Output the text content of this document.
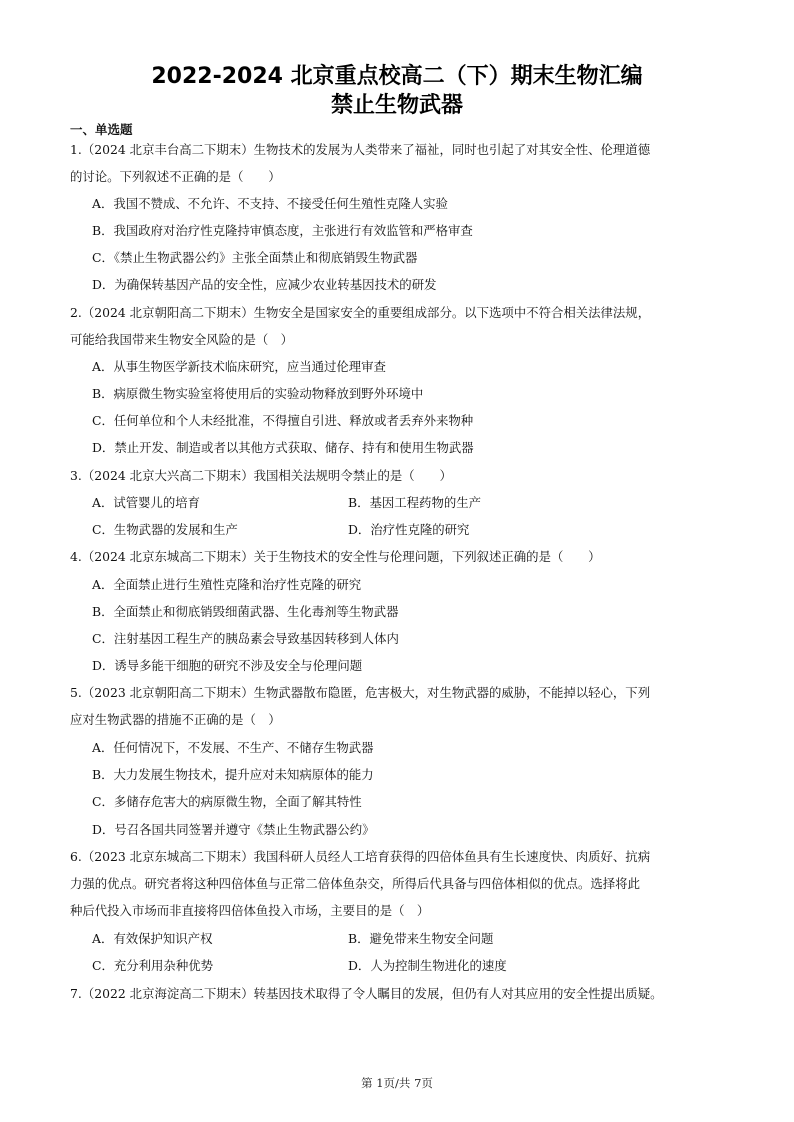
2022-2024 北京重点校高二（下）期末生物汇编
禁止生物武器
一、单选题
1.（2024 北京丰台高二下期末）生物技术的发展为人类带来了福祉，同时也引起了对其安全性、伦理道德
的讨论。下列叙述不正确的是（　　）
A．我国不赞成、不允许、不支持、不接受任何生殖性克隆人实验
B．我国政府对治疗性克隆持审慎态度，主张进行有效监管和严格审查
C．《禁止生物武器公约》主张全面禁止和彻底销毁生物武器
D．为确保转基因产品的安全性，应减少农业转基因技术的研发
2.（2024 北京朝阳高二下期末）生物安全是国家安全的重要组成部分。以下选项中不符合相关法律法规，
可能给我国带来生物安全风险的是（　）
A．从事生物医学新技术临床研究，应当通过伦理审查
B．病原微生物实验室将使用后的实验动物释放到野外环境中
C．任何单位和个人未经批准，不得擅自引进、释放或者丢弃外来物种
D．禁止开发、制造或者以其他方式获取、储存、持有和使用生物武器
3.（2024 北京大兴高二下期末）我国相关法规明令禁止的是（　　）
A．试管婴儿的培育	B．基因工程药物的生产
C．生物武器的发展和生产	D．治疗性克隆的研究
4.（2024 北京东城高二下期末）关于生物技术的安全性与伦理问题，下列叙述正确的是（　　）
A．全面禁止进行生殖性克隆和治疗性克隆的研究
B．全面禁止和彻底销毁细菌武器、生化毒剂等生物武器
C．注射基因工程生产的胰岛素会导致基因转移到人体内
D．诱导多能干细胞的研究不涉及安全与伦理问题
5.（2023 北京朝阳高二下期末）生物武器散布隐匿，危害极大，对生物武器的威胁，不能掉以轻心，下列
应对生物武器的措施不正确的是（　）
A．任何情况下，不发展、不生产、不储存生物武器
B．大力发展生物技术，提升应对未知病原体的能力
C．多储存危害大的病原微生物，全面了解其特性
D．号召各国共同签署并遵守《禁止生物武器公约》
6.（2023 北京东城高二下期末）我国科研人员经人工培育获得的四倍体鱼具有生长速度快、肉质好、抗病
力强的优点。研究者将这种四倍体鱼与正常二倍体鱼杂交，所得后代具备与四倍体相似的优点。选择将此
种后代投入市场而非直接将四倍体鱼投入市场，主要目的是（　）
A．有效保护知识产权	B．避免带来生物安全问题
C．充分利用杂种优势	D．人为控制生物进化的速度
7.（2022 北京海淀高二下期末）转基因技术取得了令人瞩目的发展，但仍有人对其应用的安全性提出质疑。
第 1页/共 7页
